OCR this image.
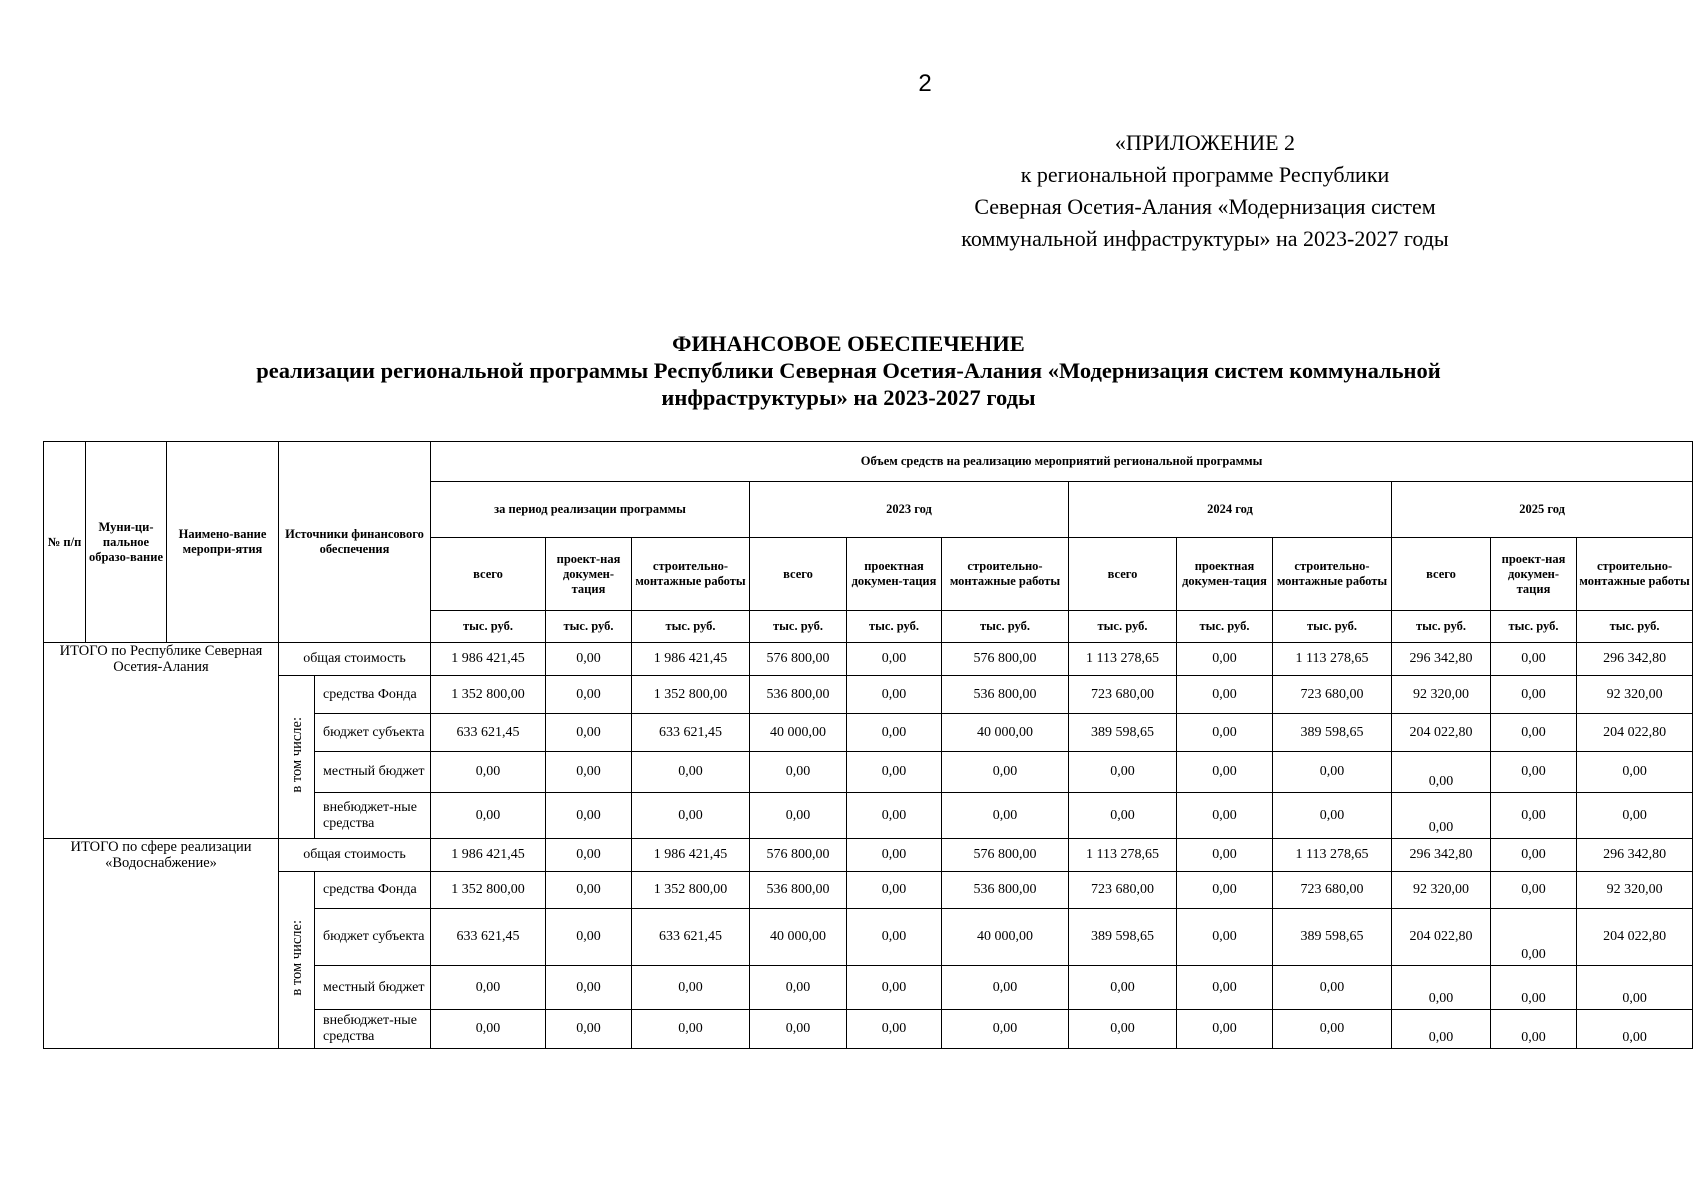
2
«ПРИЛОЖЕНИЕ 2
к региональной программе Республики
Северная Осетия-Алания «Модернизация систем
коммунальной инфраструктуры» на 2023-2027 годы
ФИНАНСОВОЕ ОБЕСПЕЧЕНИЕ
реализации региональной программы Республики Северная Осетия-Алания «Модернизация систем коммунальной
инфраструктуры» на 2023-2027 годы
№ п/п	Муни-ци-пальное образо-вание	Наимено-вание меропри-ятия	Источники финансового обеспечения		Объем средств на реализацию мероприятий региональной программы											
					за период реализации программы			2023 год			2024 год			2025 год		
					всего	проект-ная докумен-тация	строительно-монтажные работы	всего	проектная докумен-тация	строительно-монтажные работы	всего	проектная докумен-тация	строительно-монтажные работы	всего	проект-ная докумен-тация	строительно-монтажные работы
					тыс. руб.	тыс. руб.	тыс. руб.	тыс. руб.	тыс. руб.	тыс. руб.	тыс. руб.	тыс. руб.	тыс. руб.	тыс. руб.	тыс. руб.	тыс. руб.
ИТОГО по Республике Северная Осетия-Алания			общая стоимость		1 986 421,45	0,00	1 986 421,45	576 800,00	0,00	576 800,00	1 113 278,65	0,00	1 113 278,65	296 342,80	0,00	296 342,80
			в том числе:	средства Фонда	1 352 800,00	0,00	1 352 800,00	536 800,00	0,00	536 800,00	723 680,00	0,00	723 680,00	92 320,00	0,00	92 320,00
				бюджет субъекта	633 621,45	0,00	633 621,45	40 000,00	0,00	40 000,00	389 598,65	0,00	389 598,65	204 022,80	0,00	204 022,80
				местный бюджет	0,00	0,00	0,00	0,00	0,00	0,00	0,00	0,00	0,00	0,00	0,00	0,00
				внебюджет-ные средства	0,00	0,00	0,00	0,00	0,00	0,00	0,00	0,00	0,00	0,00	0,00	0,00
ИТОГО по сфере реализации «Водоснабжение»			общая стоимость		1 986 421,45	0,00	1 986 421,45	576 800,00	0,00	576 800,00	1 113 278,65	0,00	1 113 278,65	296 342,80	0,00	296 342,80
			в том числе:	средства Фонда	1 352 800,00	0,00	1 352 800,00	536 800,00	0,00	536 800,00	723 680,00	0,00	723 680,00	92 320,00	0,00	92 320,00
				бюджет субъекта	633 621,45	0,00	633 621,45	40 000,00	0,00	40 000,00	389 598,65	0,00	389 598,65	204 022,80	0,00	204 022,80
				местный бюджет	0,00	0,00	0,00	0,00	0,00	0,00	0,00	0,00	0,00	0,00	0,00	0,00
				внебюджет-ные средства	0,00	0,00	0,00	0,00	0,00	0,00	0,00	0,00	0,00	0,00	0,00	0,00
